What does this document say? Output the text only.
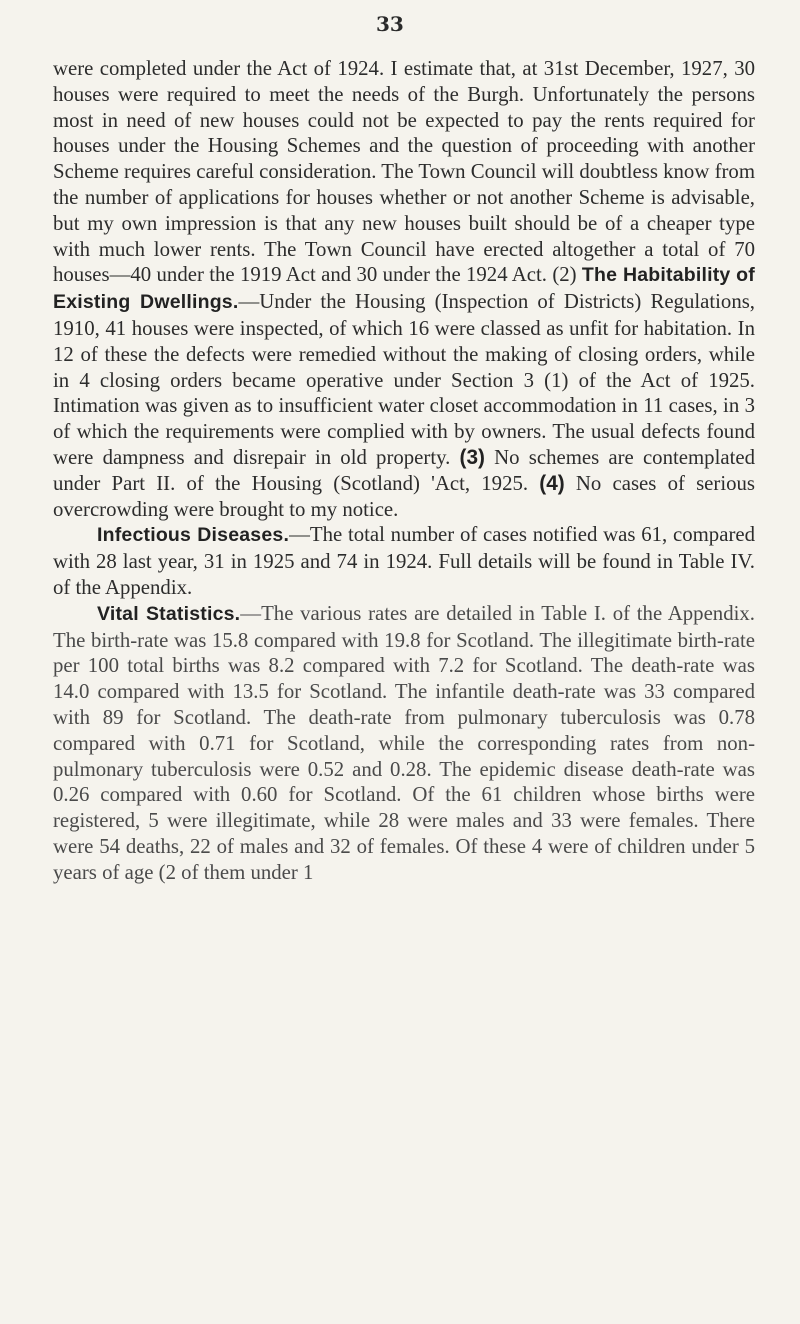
33

were completed under the Act of 1924. I estimate that, at 31st December, 1927, 30 houses were required to meet the needs of the Burgh. Unfortunately the persons most in need of new houses could not be expected to pay the rents required for houses under the Housing Schemes and the question of proceeding with another Scheme requires careful consideration. The Town Council will doubtless know from the number of applications for houses whether or not another Scheme is advisable, but my own impression is that any new houses built should be of a cheaper type with much lower rents. The Town Council have erected altogether a total of 70 houses—40 under the 1919 Act and 30 under the 1924 Act. (2) The Habitability of Existing Dwellings.—Under the Housing (Inspection of Districts) Regulations, 1910, 41 houses were inspected, of which 16 were classed as unfit for habitation. In 12 of these the defects were remedied without the making of closing orders, while in 4 closing orders became operative under Section 3 (1) of the Act of 1925. Intimation was given as to insufficient water closet accommodation in 11 cases, in 3 of which the requirements were complied with by owners. The usual defects found were dampness and disrepair in old property. (3) No schemes are contemplated under Part II. of the Housing (Scotland) 'Act, 1925. (4) No cases of serious overcrowding were brought to my notice.

Infectious Diseases.—The total number of cases notified was 61, compared with 28 last year, 31 in 1925 and 74 in 1924. Full details will be found in Table IV. of the Appendix.

Vital Statistics.—The various rates are detailed in Table I. of the Appendix. The birth-rate was 15.8 compared with 19.8 for Scotland. The illegitimate birth-rate per 100 total births was 8.2 compared with 7.2 for Scotland. The death-rate was 14.0 compared with 13.5 for Scotland. The infantile death-rate was 33 compared with 89 for Scotland. The death-rate from pulmonary tuberculosis was 0.78 compared with 0.71 for Scotland, while the corresponding rates from non-pulmonary tuberculosis were 0.52 and 0.28. The epidemic disease death-rate was 0.26 compared with 0.60 for Scotland. Of the 61 children whose births were registered, 5 were illegitimate, while 28 were males and 33 were females. There were 54 deaths, 22 of males and 32 of females. Of these 4 were of children under 5 years of age (2 of them under 1
